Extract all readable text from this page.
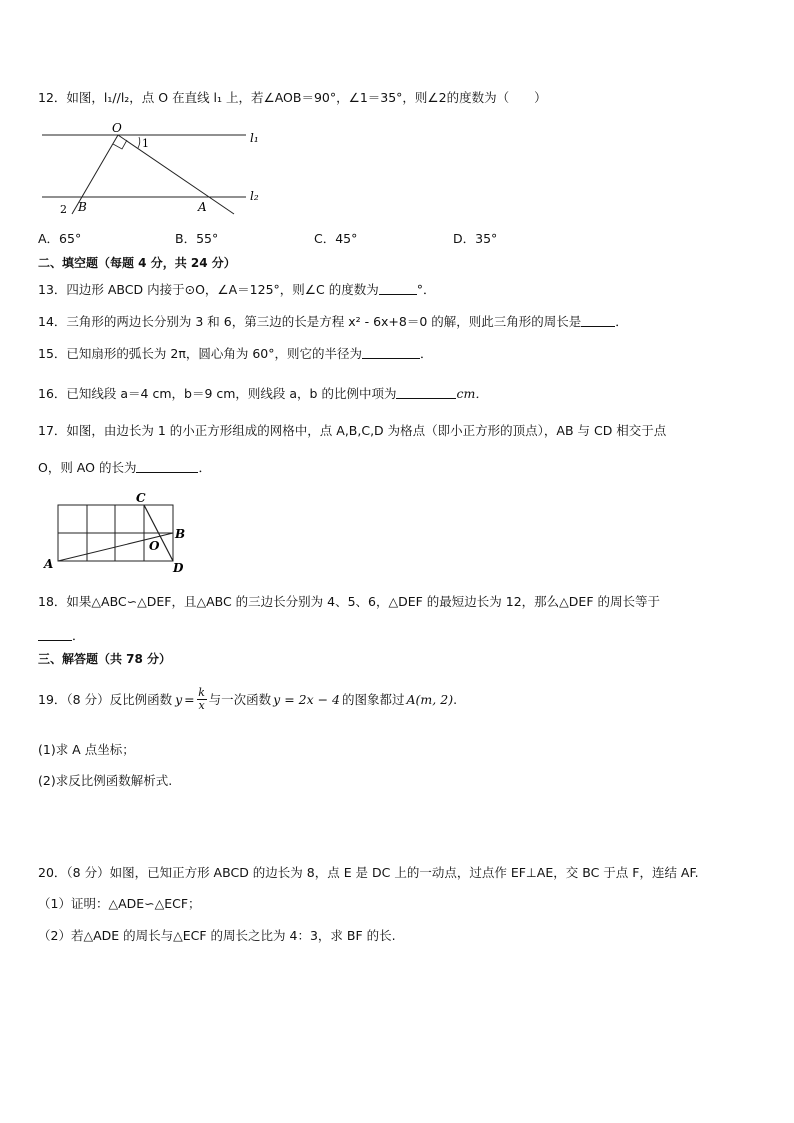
12．如图，l₁//l₂，点 O 在直线 l₁ 上，若∠AOB＝90°，∠1＝35°，则∠2的度数为（　　）
O
1	l₁
l₂
2 B	A
A．65°	B．55°	C．45°	D．35°
二、填空题（每题 4 分，共 24 分）
13．四边形 ABCD 内接于⊙O，∠A＝125°，则∠C 的度数为	°．
14．三角形的两边长分别为 3 和 6，第三边的长是方程 x² - 6x+8＝0 的解，则此三角形的周长是	．
15．已知扇形的弧长为 2π，圆心角为 60°，则它的半径为	．
16．已知线段 a＝4 cm，b＝9 cm，则线段 a，b 的比例中项为	cm．
17．如图，由边长为 1 的小正方形组成的网格中，点 A,B,C,D 为格点（即小正方形的顶点），AB 与 CD 相交于点
O，则 AO 的长为	．
C
B
O
A	D
18．如果△ABC∽△DEF，且△ABC 的三边长分别为 4、5、6，△DEF 的最短边长为 12，那么△DEF 的周长等于
．
三、解答题（共 78 分）
19．（8 分）反比例函数 y = k
x 与一次函数 y = 2x − 4 的图象都过 A(m, 2) .
(1)求 A 点坐标；
(2)求反比例函数解析式.
20．（8 分）如图，已知正方形 ABCD 的边长为 8，点 E 是 DC 上的一动点，过点作 EF⊥AE，交 BC 于点 F，连结 AF.
（1）证明：△ADE∽△ECF；
（2）若△ADE 的周长与△ECF 的周长之比为 4：3，求 BF 的长.
